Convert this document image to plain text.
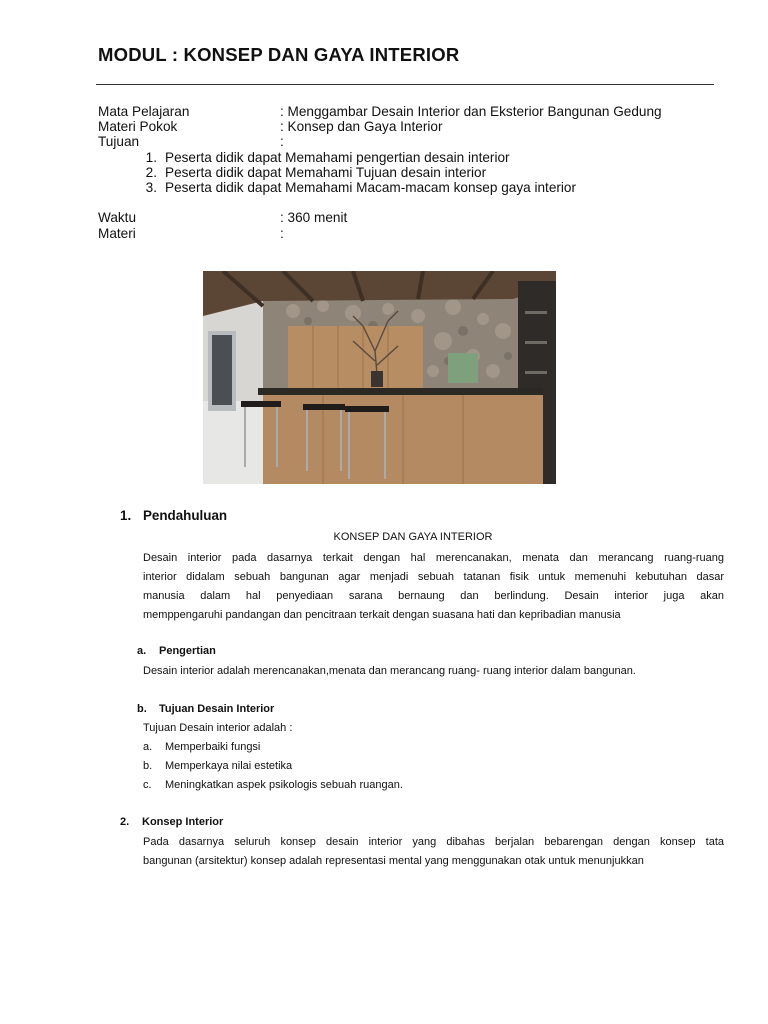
MODUL : KONSEP DAN GAYA INTERIOR
Mata Pelajaran	: Menggambar Desain Interior dan Eksterior Bangunan Gedung
Materi Pokok	: Konsep dan Gaya Interior
Tujuan	:
1. Peserta didik dapat Memahami pengertian desain interior
2. Peserta didik dapat Memahami Tujuan desain interior
3. Peserta didik dapat Memahami Macam-macam konsep gaya interior
Waktu	: 360 menit
Materi	:
1. Pendahuluan
KONSEP DAN GAYA INTERIOR
Desain interior pada dasarnya terkait dengan hal merencanakan, menata dan merancang ruang-ruang
interior didalam sebuah bangunan agar menjadi sebuah tatanan fisik untuk memenuhi kebutuhan dasar
manusia dalam hal penyediaan sarana bernaung dan berlindung. Desain interior juga akan
memppengaruhi pandangan dan pencitraan terkait dengan suasana hati dan kepribadian manusia
a. Pengertian
Desain interior adalah merencanakan,menata dan merancang ruang- ruang interior dalam bangunan.
b. Tujuan Desain Interior
Tujuan Desain interior adalah :
a. Memperbaiki fungsi
b. Memperkaya nilai estetika
c. Meningkatkan aspek psikologis sebuah ruangan.
2. Konsep Interior
Pada dasarnya seluruh konsep desain interior yang dibahas berjalan bebarengan dengan konsep tata
bangunan (arsitektur) konsep adalah representasi mental yang menggunakan otak untuk menunjukkan
